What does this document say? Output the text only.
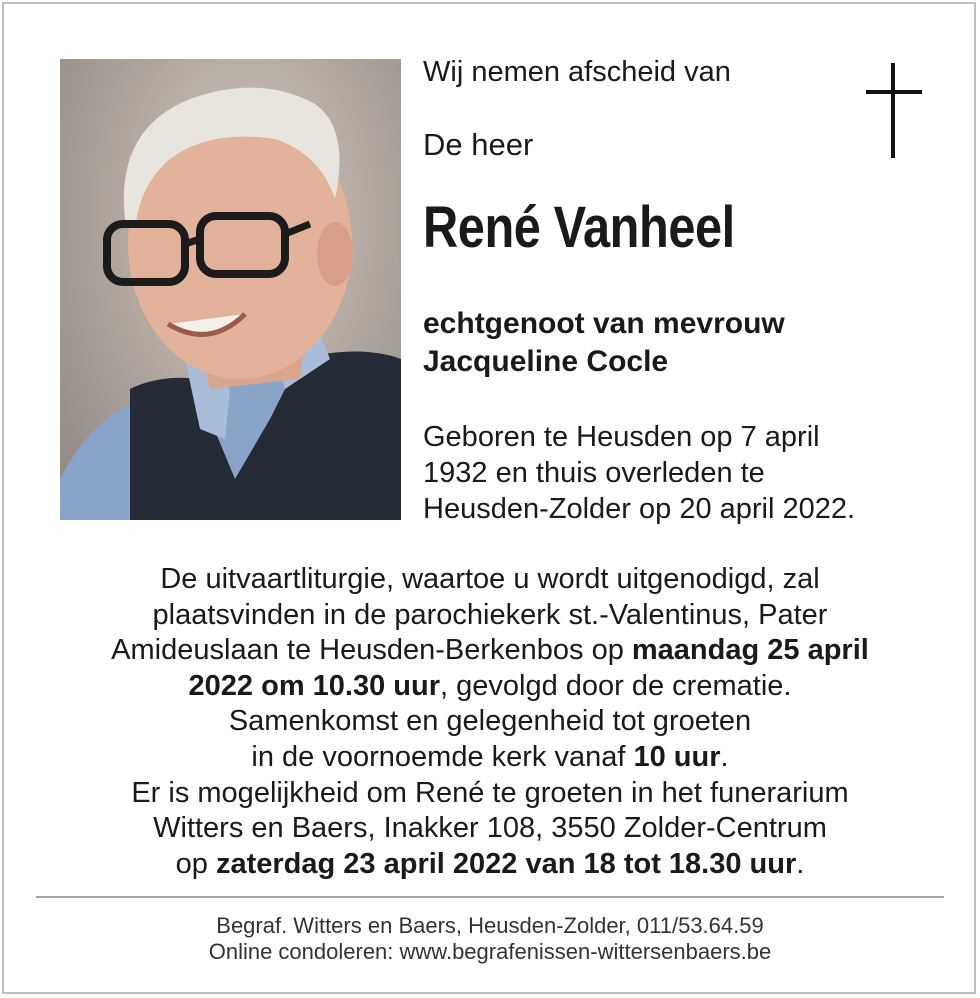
Wij nemen afscheid van
De heer
René Vanheel
echtgenoot van mevrouw
Jacqueline Cocle
Geboren te Heusden op 7 april
1932 en thuis overleden te
Heusden-Zolder op 20 april 2022.
De uitvaartliturgie, waartoe u wordt uitgenodigd, zal
plaatsvinden in de parochiekerk st.-Valentinus, Pater
Amideuslaan te Heusden-Berkenbos op maandag 25 april
2022 om 10.30 uur, gevolgd door de crematie.
Samenkomst en gelegenheid tot groeten
in de voornoemde kerk vanaf 10 uur.
Er is mogelijkheid om René te groeten in het funerarium
Witters en Baers, Inakker 108, 3550 Zolder-Centrum
op zaterdag 23 april 2022 van 18 tot 18.30 uur.
Begraf. Witters en Baers, Heusden-Zolder, 011/53.64.59
Online condoleren: www.begrafenissen-wittersenbaers.be
